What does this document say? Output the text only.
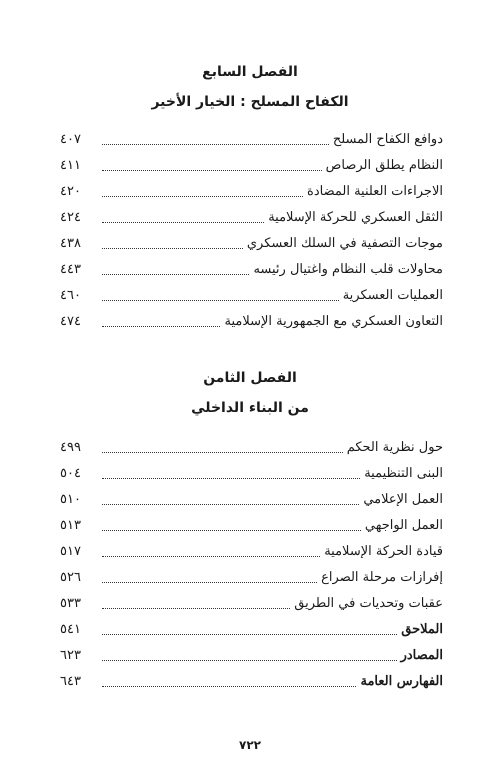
الفصل السابع
الكفاح المسلح : الخيار الأخير
دوافع الكفاح المسلح
٤٠٧
النظام يطلق الرصاص
٤١١
الاجراءات العلنية المضادة
٤٢٠
الثقل العسكري للحركة الإسلامية
٤٢٤
موجات التصفية في السلك العسكري
٤٣٨
محاولات قلب النظام واغتيال رئيسه
٤٤٣
العمليات العسكرية
٤٦٠
التعاون العسكري مع الجمهورية الإسلامية
٤٧٤
الفصل الثامن
من البناء الداخلي
حول نظرية الحكم
٤٩٩
البنى التنظيمية
٥٠٤
العمل الإعلامي
٥١٠
العمل الواجهي
٥١٣
قيادة الحركة الإسلامية
٥١٧
إفرازات مرحلة الصراع
٥٢٦
عقبات وتحديات في الطريق
٥٣٣
الملاحق
٥٤١
المصادر
٦٢٣
الفهارس العامة
٦٤٣
٧٢٢
